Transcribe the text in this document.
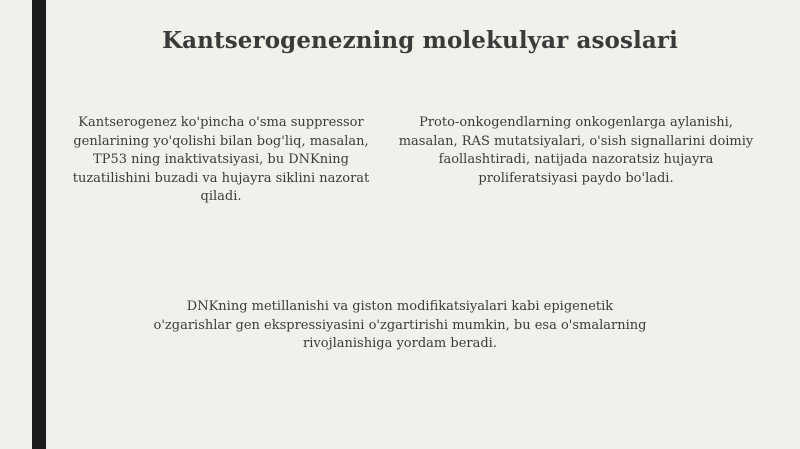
Kantserogenezning molekulyar asoslari
Kantserogenez ko'pincha o'sma suppressor genlarining yo'qolishi bilan bog'liq, masalan, TP53 ning inaktivatsiyasi, bu DNKning tuzatilishini buzadi va hujayra siklini nazorat qiladi.
Proto-onkogendlarning onkogenlarga aylanishi, masalan, RAS mutatsiyalari, o'sish signallarini doimiy faollashtiradi, natijada nazoratsiz hujayra proliferatsiyasi paydo bo'ladi.
DNKning metillanishi va giston modifikatsiyalari kabi epigenetik o'zgarishlar gen ekspressiyasini o'zgartirishi mumkin, bu esa o'smalarning rivojlanishiga yordam beradi.
